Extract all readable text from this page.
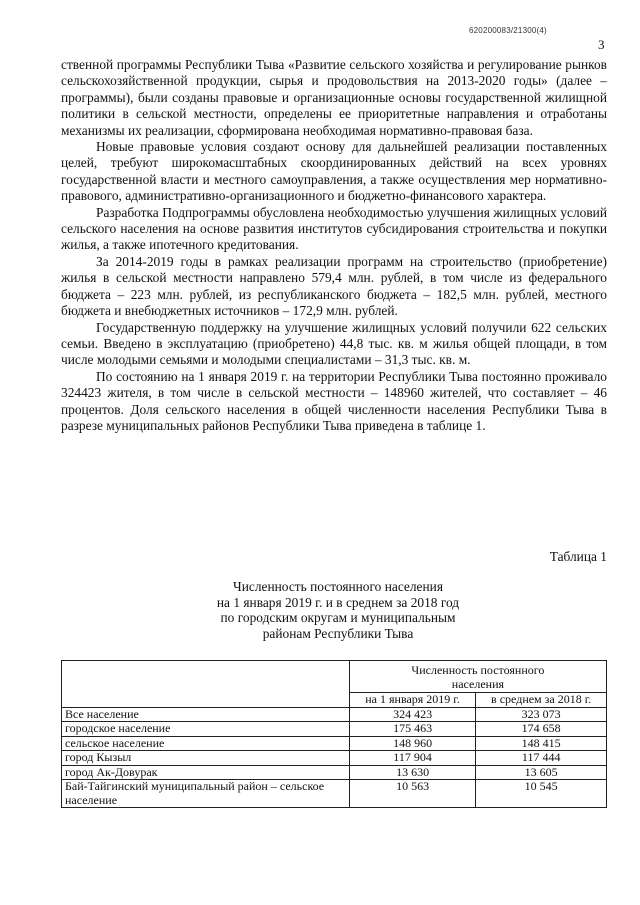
620200083/21300(4)
3

ственной программы Республики Тыва «Развитие сельского хозяйства и регулирование рынков сельскохозяйственной продукции, сырья и продовольствия на 2013-2020 годы» (далее – программы), были созданы правовые и организационные основы государственной жилищной политики в сельской местности, определены ее приоритетные направления и отработаны механизмы их реализации, сформирована необходимая нормативно-правовая база.

Новые правовые условия создают основу для дальнейшей реализации поставленных целей, требуют широкомасштабных скоординированных действий на всех уровнях государственной власти и местного самоуправления, а также осуществления мер нормативно-правового, административно-организационного и бюджетно-финансового характера.

Разработка Подпрограммы обусловлена необходимостью улучшения жилищных условий сельского населения на основе развития институтов субсидирования строительства и покупки жилья, а также ипотечного кредитования.

За 2014-2019 годы в рамках реализации программ на строительство (приобретение) жилья в сельской местности направлено 579,4 млн. рублей, в том числе из федерального бюджета – 223 млн. рублей, из республиканского бюджета – 182,5 млн. рублей, местного бюджета и внебюджетных источников – 172,9 млн. рублей.

Государственную поддержку на улучшение жилищных условий получили 622 сельских семьи. Введено в эксплуатацию (приобретено) 44,8 тыс. кв. м жилья общей площади, в том числе молодыми семьями и молодыми специалистами – 31,3 тыс. кв. м.

По состоянию на 1 января 2019 г. на территории Республики Тыва постоянно проживало 324423 жителя, в том числе в сельской местности – 148960 жителей, что составляет – 46 процентов. Доля сельского населения в общей численности населения Республики Тыва в разрезе муниципальных районов Республики Тыва приведена в таблице 1.

Таблица 1
Численность постоянного населения
на 1 января 2019 г. и в среднем за 2018 год
по городским округам и муниципальным
районам Республики Тыва
	Численность постоянного населения	
	на 1 января 2019 г.	в среднем за 2018 г.
Все население	324 423	323 073
городское население	175 463	174 658
сельское население	148 960	148 415
город Кызыл	117 904	117 444
город Ак-Довурак	13 630	13 605
Бай-Тайгинский муниципальный район – сельское население	10 563	10 545
